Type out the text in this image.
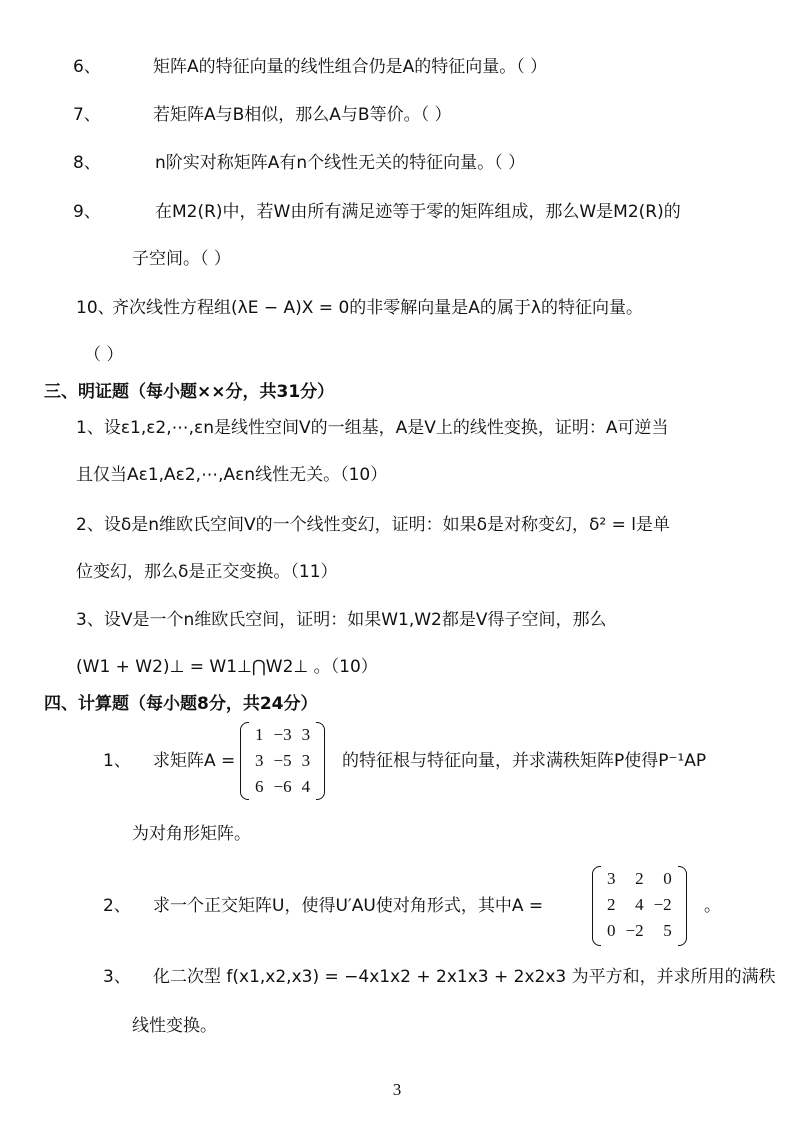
6、	矩阵A的特征向量的线性组合仍是A的特征向量。（ ）
7、	若矩阵A与B相似，那么A与B等价。（ ）
8、	n阶实对称矩阵A有n个线性无关的特征向量。（ ）
9、	在M2(R)中，若W由所有满足迹等于零的矩阵组成，那么W是M2(R)的
子空间。（ ）
10、
齐次线性方程组(λE − A)X = 0的非零解向量是A的属于λ的特征向量。
（ ）
三、明证题（每小题××分，共31分）
1、设ε1,ε2,⋯,εn是线性空间V的一组基，A是V上的线性变换，证明：A可逆当
且仅当Aε1,Aε2,⋯,Aεn线性无关。（10）
2、设δ是n维欧氏空间V的一个线性变幻，证明：如果δ是对称变幻，δ² = l是单
位变幻，那么δ是正交变换。（11）
3、设V是一个n维欧氏空间，证明：如果W1,W2都是V得子空间，那么
(W1 + W2)⊥ = W1⊥⋂W2⊥ 。（10）
四、计算题（每小题8分，共24分）
1、 求矩阵A =
1	−3	3
3	−5	3
6	−6	4
的特征根与特征向量，并求满秩矩阵P使得P⁻¹AP
为对角形矩阵。
2、 求一个正交矩阵U，使得U′AU使对角形式，其中A =
3	2	0
2	4	−2
0	−2	5
。
3、 化二次型 f(x1,x2,x3) = −4x1x2 + 2x1x3 + 2x2x3 为平方和，并求所用的满秩
线性变换。
3
